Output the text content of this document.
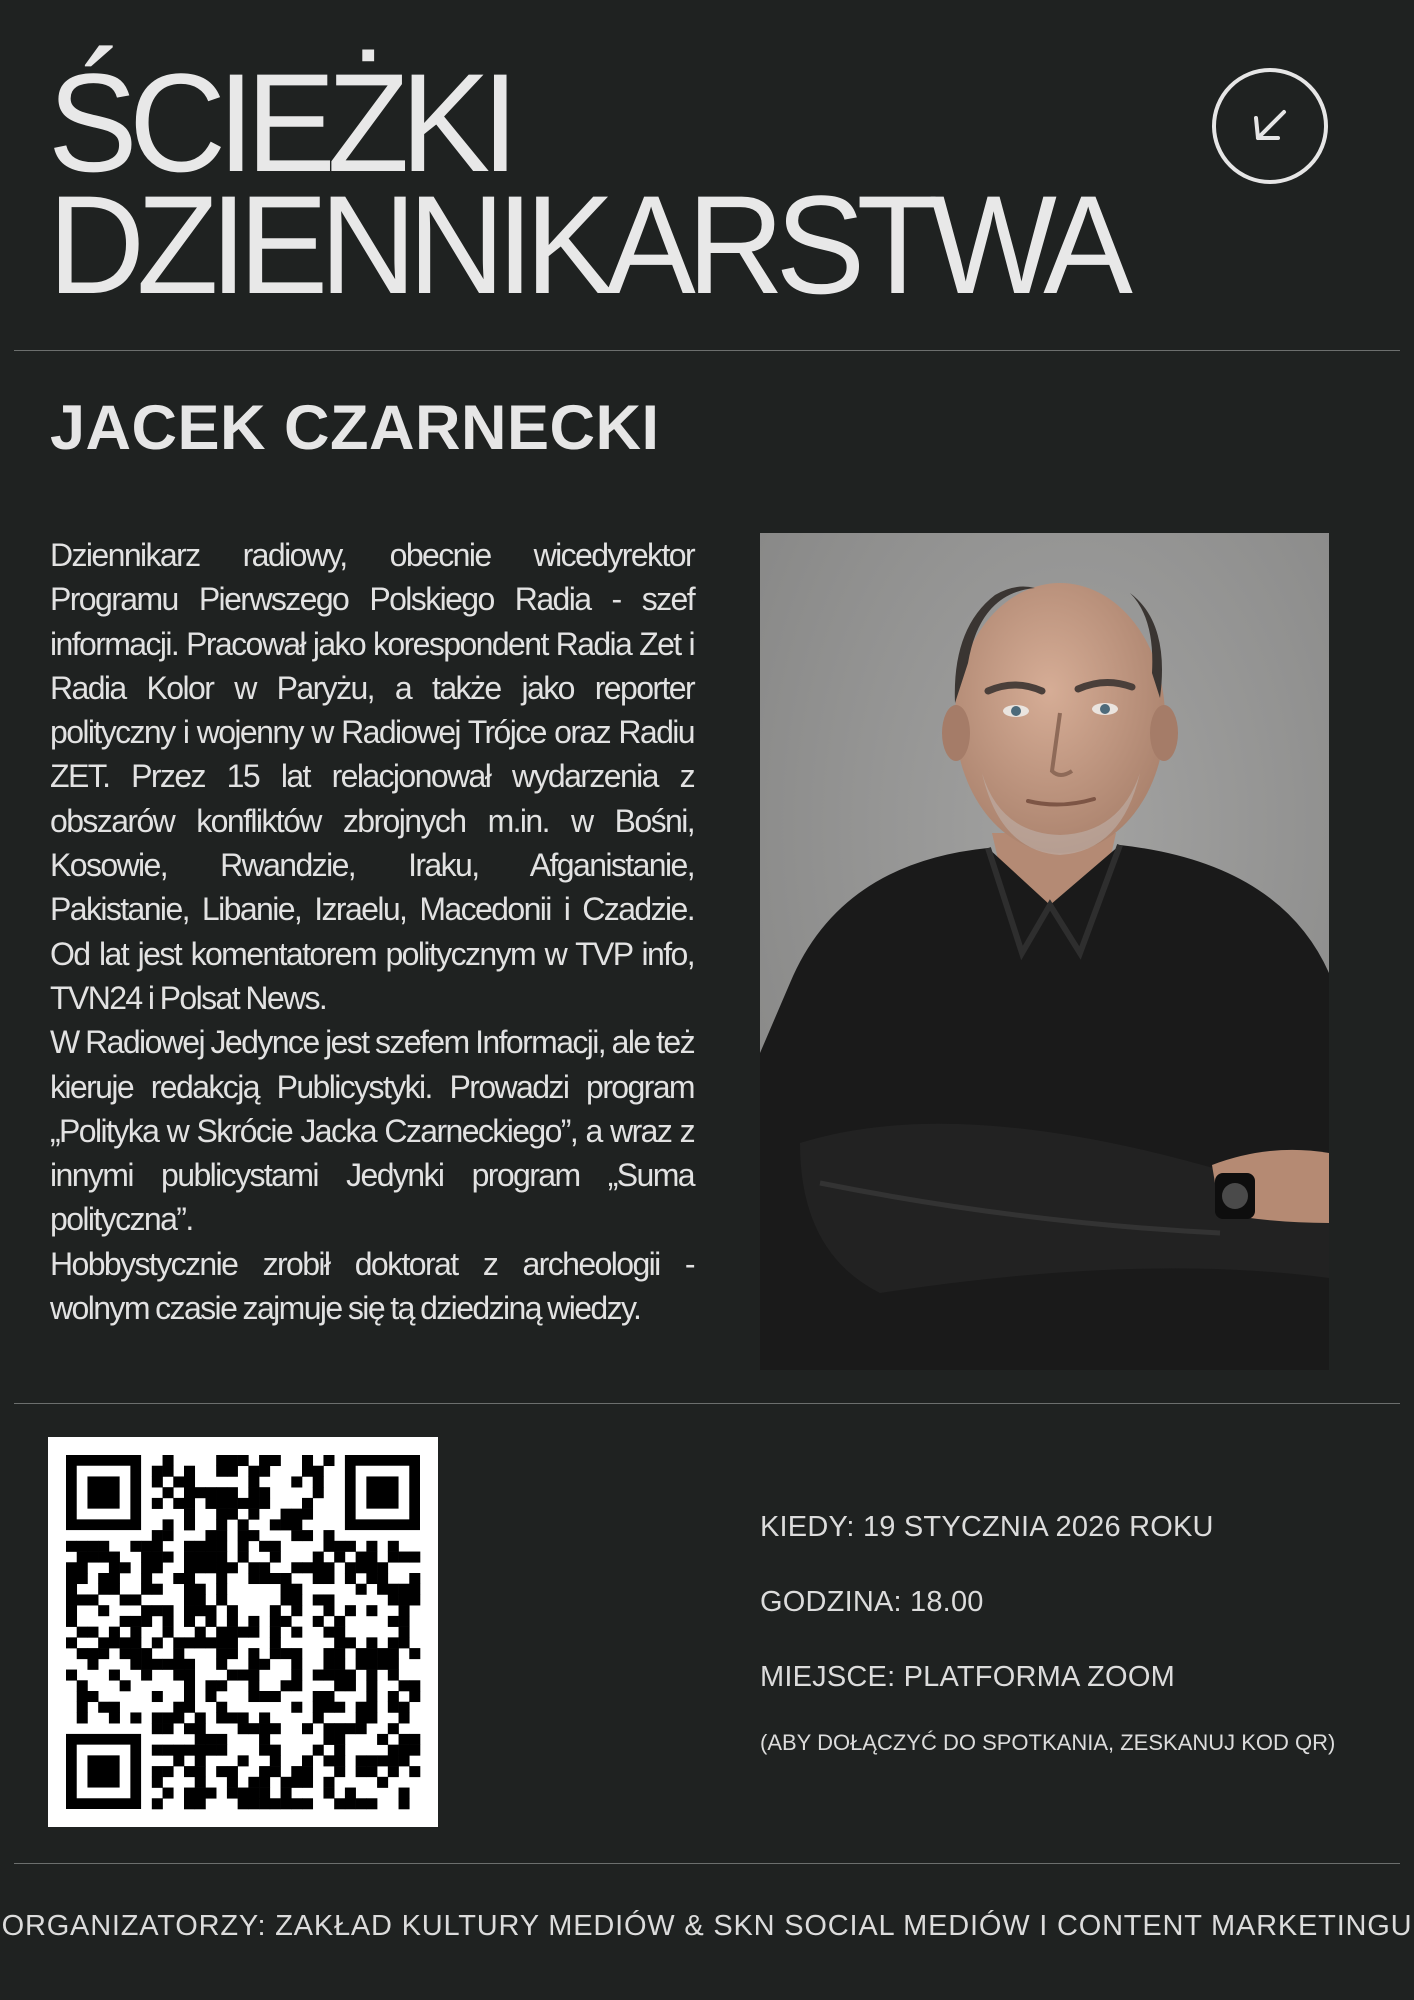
ŚCIEŻKI
DZIENNIKARSTWA
JACEK CZARNECKI

Dziennikarz radiowy, obecnie wicedyrektor Programu Pierwszego Polskiego Radia - szef informacji. Pracował jako korespondent Radia Zet i Radia Kolor w Paryżu, a także jako reporter polityczny i wojenny w Radiowej Trójce oraz Radiu ZET. Przez 15 lat relacjonował wydarzenia z obszarów konfliktów zbrojnych m.in. w Bośni, Kosowie, Rwandzie, Iraku, Afganistanie, Pakistanie, Libanie, Izraelu, Macedonii i Czadzie. Od lat jest komentatorem politycznym w TVP info, TVN24 i Polsat News.

W Radiowej Jedynce jest szefem Informacji, ale też kieruje redakcją Publicystyki. Prowadzi program „Polityka w Skrócie Jacka Czarneckiego”, a wraz z innymi publicystami Jedynki program „Suma polityczna”.

Hobbystycznie zrobił doktorat z archeologii - wolnym czasie zajmuje się tą dziedziną wiedzy.

KIEDY: 19 STYCZNIA 2026 ROKU

GODZINA: 18.00

MIEJSCE: PLATFORMA ZOOM

(ABY DOŁĄCZYĆ DO SPOTKANIA, ZESKANUJ KOD QR)

ORGANIZATORZY: ZAKŁAD KULTURY MEDIÓW & SKN SOCIAL MEDIÓW I CONTENT MARKETINGU
